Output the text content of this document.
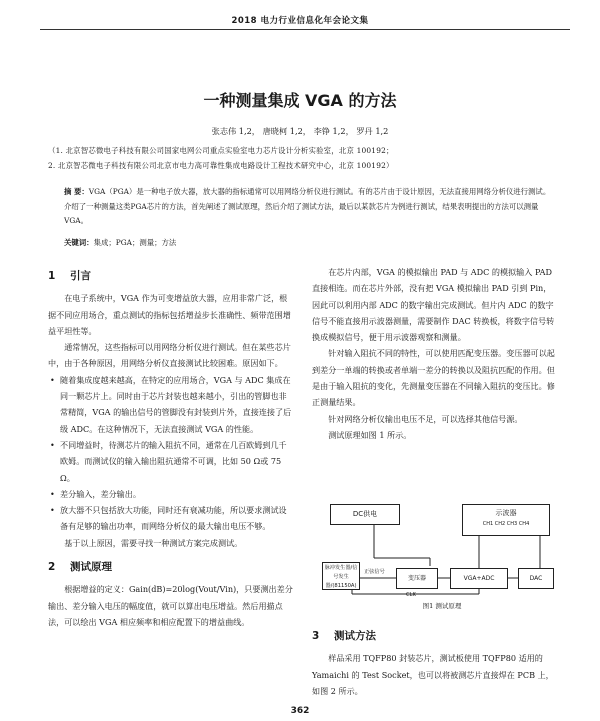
2018 电力行业信息化年会论文集
一种测量集成 VGA 的方法
张志伟 1,2， 唐晓柯 1,2， 李铮 1,2， 罗丹 1,2
（1. 北京智芯微电子科技有限公司国家电网公司重点实验室电力芯片设计分析实验室，北京 100192；
2. 北京智芯微电子科技有限公司北京市电力高可靠性集成电路设计工程技术研究中心，北京 100192）
摘 要：VGA（PGA）是一种电子放大器，放大器的指标通常可以用网络分析仪进行测试。有的芯片由于设计原因，无法直接用网络分析仪进行测试。介绍了一种测量这类PGA芯片的方法，首先阐述了测试原理，然后介绍了测试方法，最后以某款芯片为例进行测试，结果表明提出的方法可以测量 VGA。
关键词：集成；PGA；测量；方法
1 引言

在电子系统中，VGA 作为可变增益放大器，应用非常广泛，根据不同应用场合，重点测试的指标包括增益步长准确性、频带范围增益平坦性等。

通常情况，这些指标可以用网络分析仪进行测试。但在某些芯片中，由于各种原因，用网络分析仪直接测试比较困难。原因如下。

• 随着集成度越来越高，在特定的应用场合，VGA 与 ADC 集成在同一颗芯片上。同时由于芯片封装也越来越小，引出的管脚也非常精简，VGA 的输出信号的管脚没有封装到片外，直接连接了后级 ADC。在这种情况下，无法直接测试 VGA 的性能。

• 不同增益时，待测芯片的输入阻抗不同，通常在几百欧姆到几千欧姆。而测试仪的输入输出阻抗通常不可调，比如 50 Ω或 75 Ω。

• 差分输入，差分输出。

• 放大器不只包括放大功能，同时还有衰减功能，所以要求测试设备有足够的输出功率，而网络分析仪的最大输出电压不够。

基于以上原因，需要寻找一种测试方案完成测试。

2 测试原理

根据增益的定义：Gain(dB)=20log(Vout/Vin)，只要测出差分输出、差分输入电压的幅度值，就可以算出电压增益。然后用描点法，可以绘出 VGA 相应频率和相应配置下的增益曲线。

在芯片内部，VGA 的模拟输出 PAD 与 ADC 的模拟输入 PAD 直接相连。而在芯片外部，没有把 VGA 模拟输出 PAD 引到 Pin，因此可以利用内部 ADC 的数字输出完成测试。但片内 ADC 的数字信号不能直接用示波器测量，需要制作 DAC 转换板，将数字信号转换成模拟信号，便于用示波器观察和测量。

针对输入阻抗不同的特性，可以使用匹配变压器。变压器可以起到差分一单端的转换或者单端一差分的转换以及阻抗匹配的作用。但是由于输入阻抗的变化，先测量变压器在不同输入阻抗的变压比。修正测量结果。

针对网络分析仪输出电压不足，可以选择其他信号源。

测试原理如图 1 所示。

DC供电	示波器
CH1 CH2 CH3 CH4
脉冲发生器/信号发生器/(81150A)
正弦信号
变压器	VGA+ADC	DAC
CLK
图1 测试原理
3 测试方法

样品采用 TQFP80 封装芯片，测试板使用 TQFP80 适用的 Yamaichi 的 Test Socket，也可以将被测芯片直接焊在 PCB 上，如图 2 所示。

362
